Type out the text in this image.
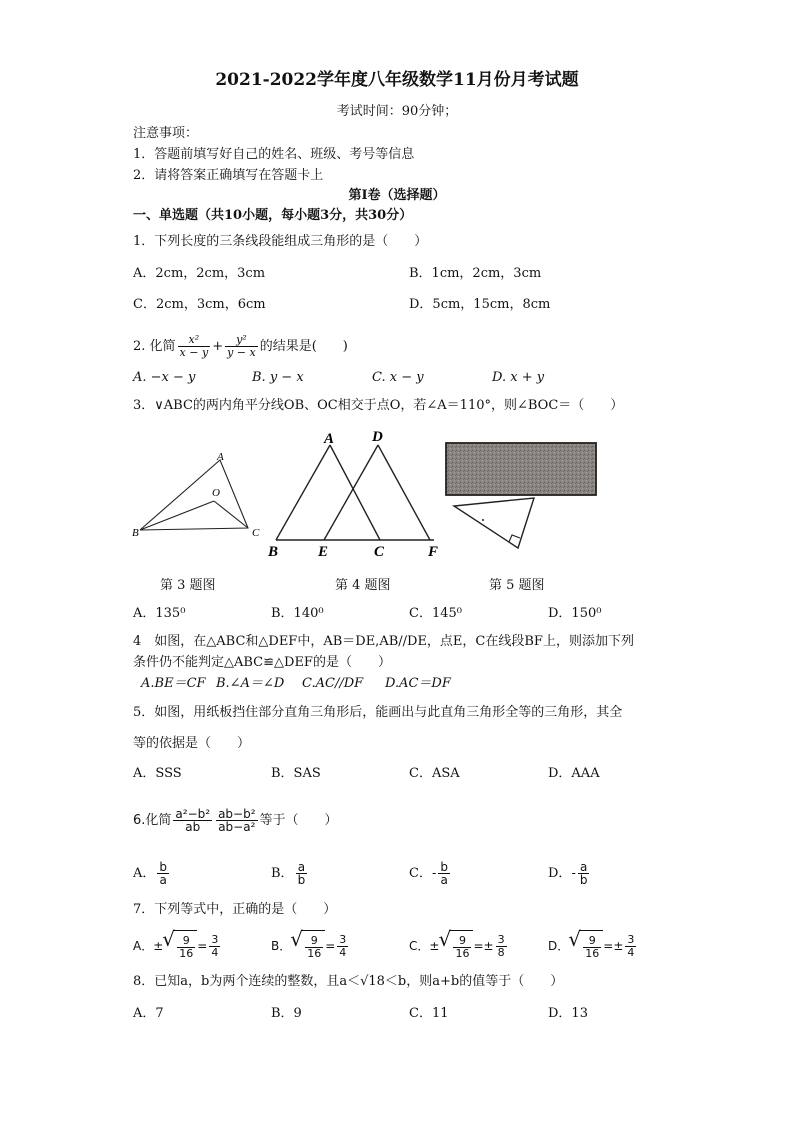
2021-2022学年度八年级数学11月份月考试题
考试时间：90分钟；
注意事项：
1．答题前填写好自己的姓名、班级、考号等信息
2．请将答案正确填写在答题卡上
第I卷（选择题）
一、单选题（共10小题，每小题3分，共30分）
1．下列长度的三条线段能组成三角形的是（　　）
A．2cm，2cm，3cm	B．1cm，2cm，3cm
C．2cm，3cm，6cm	D．5cm，15cm，8cm
2. 化简 $\frac{\text{x²}}{x - y} + \frac{\text{y²}}{y - x}$ 的结果是(　　)
A. −x − y	B. y − x	C. x − y	D. x + y
3．∨ABC的两内角平分线OB、OC相交于点O，若∠A＝110°，则∠BOC＝（　　）
A
O
B	C
A	D
B	E	C	F
第 3 题图	第 4 题图	第 5 题图
A．135⁰	B．140⁰	C．145⁰	D．150⁰
4　如图，在△ABC和△DEF中，AB＝DE,AB//DE，点E，C在线段BF上，则添加下列
条件仍不能判定△ABC≌△DEF的是（　　）
A.BE＝CF B.∠A＝∠D C.AC//DF D.AC＝DF
5．如图，用纸板挡住部分直角三角形后，能画出与此直角三角形全等的三角形，其全
等的依据是（　　）
A．SSS	B．SAS	C．ASA	D．AAA
6.化简 $\frac{\text{a²−b²}}{ab} \frac{\text{ab−b²}}{\text{ab−a²}}$ 等于（　　）
A． $\frac{b}{a}$	B． $\frac{a}{b}$	C．- $\frac{b}{a}$	D．- $\frac{a}{b}$
7．下列等式中，正确的是（　　）
A．± √ $\frac{9}{16} = \frac{3}{4}$	B． √ $\frac{9}{16} = \frac{3}{4}$	C．± √ $\frac{9}{16} =\pm \frac{3}{8}$	D． √ $\frac{9}{16} =\pm \frac{3}{4}$
8．已知a，b为两个连续的整数，且a＜√18＜b，则a+b的值等于（　　）
A．7	B．9	C．11	D．13
